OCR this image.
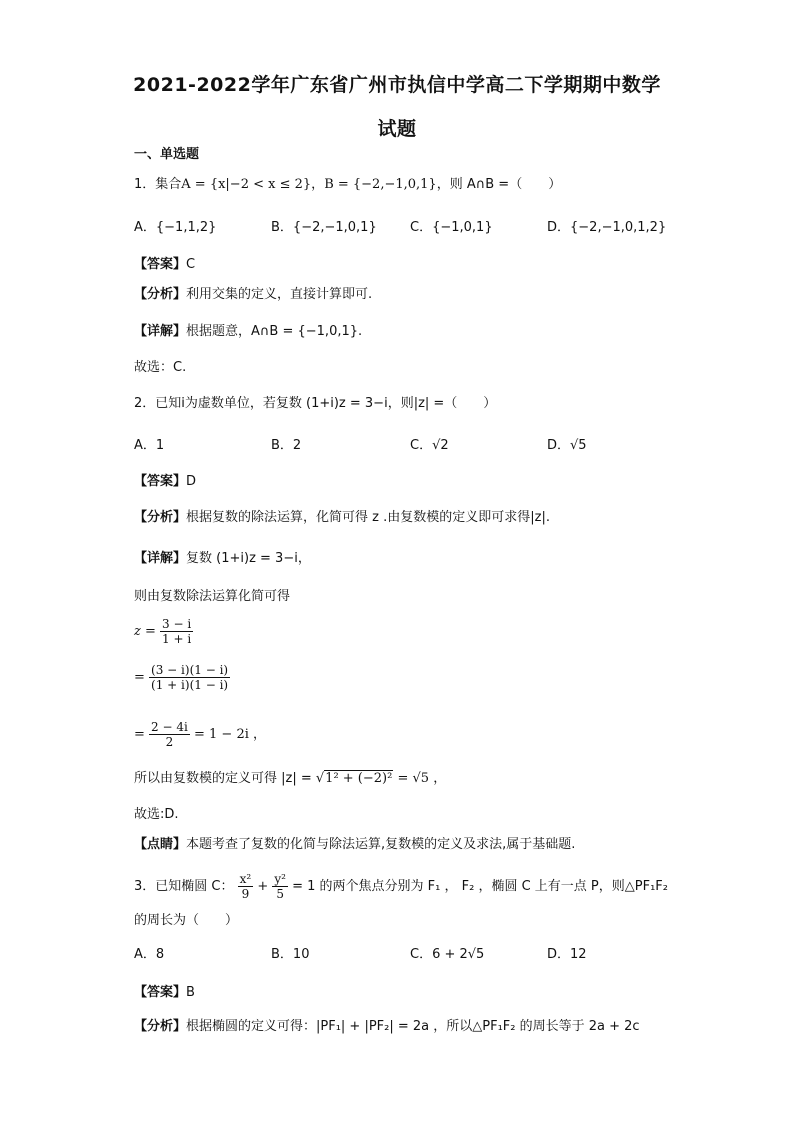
2021-2022学年广东省广州市执信中学高二下学期期中数学
试题
一、单选题
1．集合A = {x|−2 < x ≤ 2}，B = {−2,−1,0,1}，则 A∩B =（　　）
A．{−1,1,2}	B．{−2,−1,0,1}	C．{−1,0,1}	D．{−2,−1,0,1,2}
【答案】C
【分析】利用交集的定义，直接计算即可.
【详解】根据题意，A∩B = {−1,0,1}.
故选：C.
2．已知i为虚数单位，若复数 (1+i)z = 3−i，则|z| =（　　）
A．1	B．2	C．√2	D．√5
【答案】D
【分析】根据复数的除法运算，化简可得 z .由复数模的定义即可求得|z|.
【详解】复数 (1+i)z = 3−i，
则由复数除法运算化简可得
$z = \frac{3 - i}{1 + i}$
= $\frac{(3 - i)(1 - i)}{(1 + i)(1 - i)}$
= $\frac{2 - 4i}{2} = 1 - 2i$ ，
所以由复数模的定义可得 |z| = √1² + (−2)² = √5 ，
故选:D.
【点睛】本题考查了复数的化简与除法运算,复数模的定义及求法,属于基础题.
3．已知椭圆 C： $\frac{\text{x²}}{9} + \frac{\text{y²}}{5} = 1$ 的两个焦点分别为 F₁ ， F₂ ，椭圆 C 上有一点 P，则△PF₁F₂
的周长为（　　）
A．8	B．10	C．6 + 2√5	D．12
【答案】B
【分析】根据椭圆的定义可得：|PF₁| + |PF₂| = 2a ，所以△PF₁F₂ 的周长等于 2a + 2c
